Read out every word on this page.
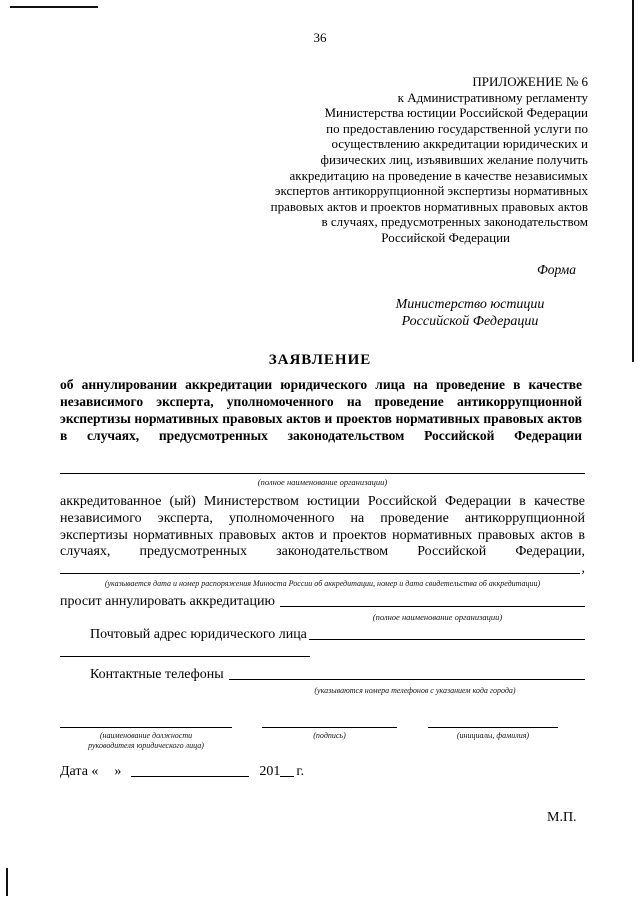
36
ПРИЛОЖЕНИЕ № 6
к Административному регламенту
Министерства юстиции Российской Федерации
по предоставлению государственной услуги по
осуществлению аккредитации юридических и
физических лиц, изъявивших желание получить
аккредитацию на проведение в качестве независимых
экспертов антикоррупционной экспертизы нормативных
правовых актов и проектов нормативных правовых актов
в случаях, предусмотренных законодательством
Российской Федерации
Форма
Министерство юстиции
Российской Федерации
ЗАЯВЛЕНИЕ
об аннулировании аккредитации юридического лица на проведение в качестве независимого эксперта, уполномоченного на проведение антикоррупционной экспертизы нормативных правовых актов и проектов нормативных правовых актов в случаях, предусмотренных законодательством Российской Федерации
(полное наименование организации)
аккредитованное (ый) Министерством юстиции Российской Федерации в качестве независимого эксперта, уполномоченного на проведение антикоррупционной экспертизы нормативных правовых актов и проектов нормативных правовых актов в случаях, предусмотренных законодательством Российской Федерации,
,
(указывается дата и номер распоряжения Минюста России об аккредитации, номер и дата свидетельства об аккредитации)
просит аннулировать аккредитацию
(полное наименование организации)
Почтовый адрес юридического лица
Контактные телефоны
(указываются номера телефонов с указанием кода города)
(наименование должности
руководителя юридического лица)
(подпись)	(инициалы, фамилия)
Дата « »	201 г.
М.П.
